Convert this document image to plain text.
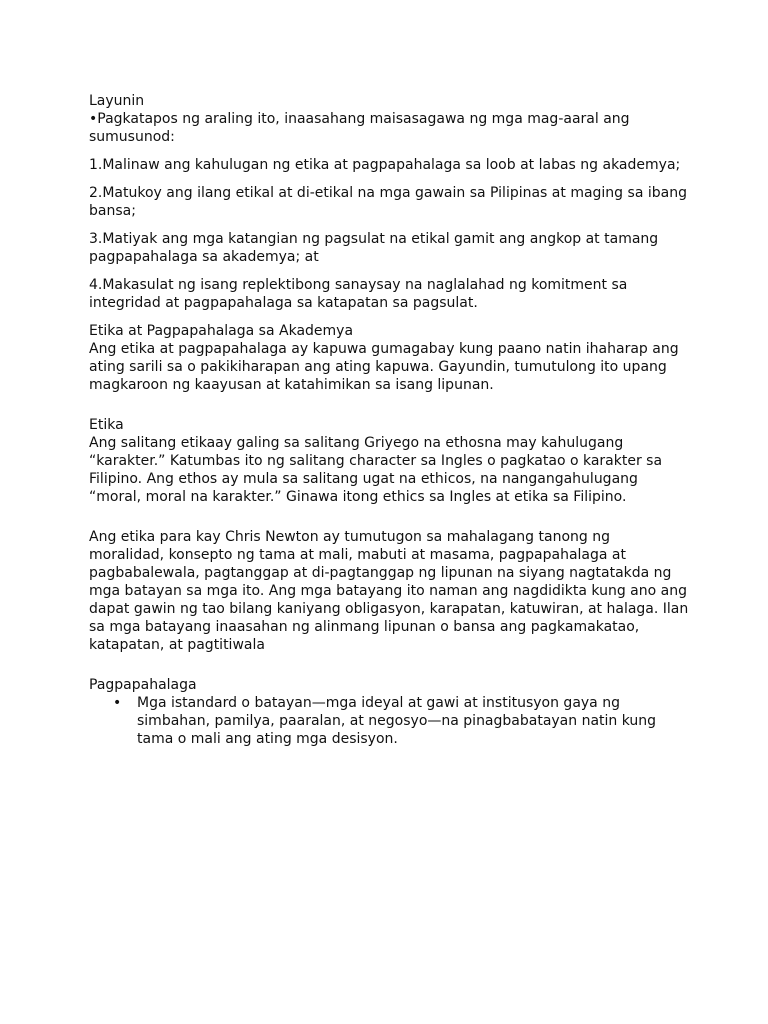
Layunin

•Pagkatapos ng araling ito, inaasahang maisasagawa ng mga mag-aaral ang sumusunod:

1.Malinaw ang kahulugan ng etika at pagpapahalaga sa loob at labas ng akademya;

2.Matukoy ang ilang etikal at di-etikal na mga gawain sa Pilipinas at maging sa ibang bansa;

3.Matiyak ang mga katangian ng pagsulat na etikal gamit ang angkop at tamang pagpapahalaga sa akademya; at

4.Makasulat ng isang replektibong sanaysay na naglalahad ng komitment sa integridad at pagpapahalaga sa katapatan sa pagsulat.

Etika at Pagpapahalaga sa Akademya

Ang etika at pagpapahalaga ay kapuwa gumagabay kung paano natin ihaharap ang ating sarili sa o pakikiharapan ang ating kapuwa. Gayundin, tumutulong ito upang magkaroon ng kaayusan at katahimikan sa isang lipunan.

Etika

Ang salitang etikaay galing sa salitang Griyego na ethosna may kahulugang “karakter.” Katumbas ito ng salitang character sa Ingles o pagkatao o karakter sa Filipino. Ang ethos ay mula sa salitang ugat na ethicos, na nangangahulugang “moral, moral na karakter.” Ginawa itong ethics sa Ingles at etika sa Filipino.

Ang etika para kay Chris Newton ay tumutugon sa mahalagang tanong ng moralidad, konsepto ng tama at mali, mabuti at masama, pagpapahalaga at pagbabalewala, pagtanggap at di-pagtanggap ng lipunan na siyang nagtatakda ng mga batayan sa mga ito. Ang mga batayang ito naman ang nagdidikta kung ano ang dapat gawin ng tao bilang kaniyang obligasyon, karapatan, katuwiran, at halaga. Ilan sa mga batayang inaasahan ng alinmang lipunan o bansa ang pagkamakatao, katapatan, at pagtitiwala

Pagpapahalaga

• Mga istandard o batayan—mga ideyal at gawi at institusyon gaya ng simbahan, pamilya, paaralan, at negosyo—na pinagbabatayan natin kung tama o mali ang ating mga desisyon.
